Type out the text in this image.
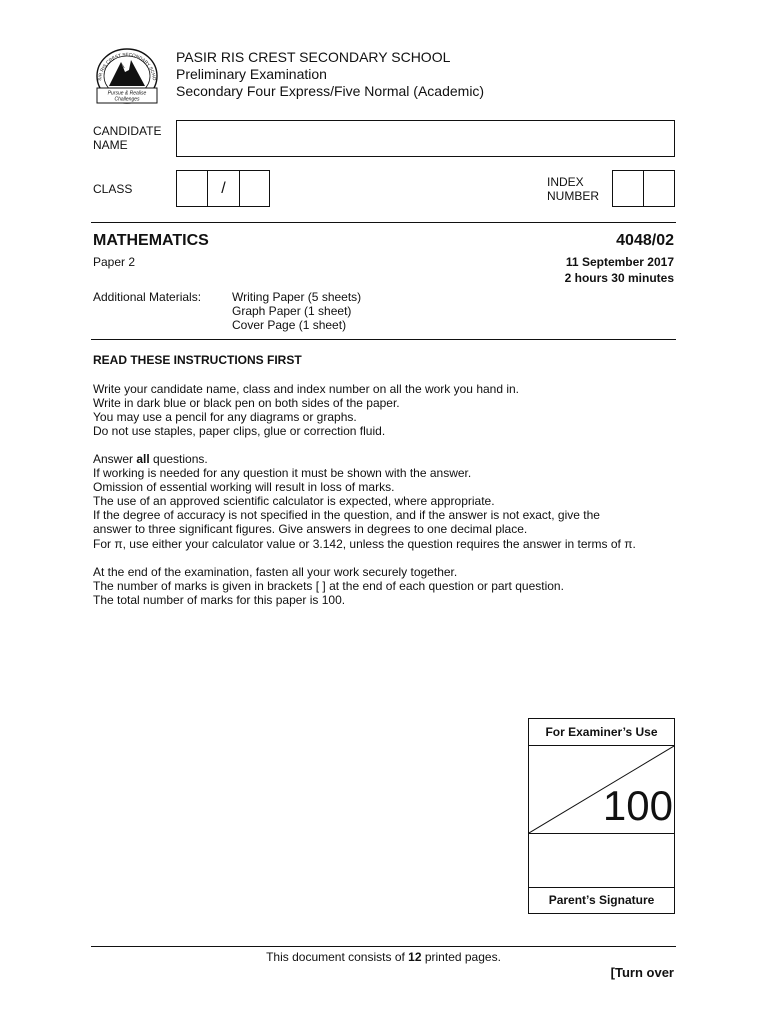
SIR RIS CREST SECONDARY SCHO
Pursue & Realise
Challenges
PASIR RIS CREST SECONDARY SCHOOL
Preliminary Examination
Secondary Four Express/Five Normal (Academic)
CANDIDATE
NAME
CLASS	/	INDEX
NUMBER
MATHEMATICS	4048/02
Paper 2	11 September 2017
2 hours 30 minutes
Additional Materials:	Writing Paper (5 sheets)
Graph Paper (1 sheet)
Cover Page (1 sheet)
READ THESE INSTRUCTIONS FIRST
Write your candidate name, class and index number on all the work you hand in.
Write in dark blue or black pen on both sides of the paper.
You may use a pencil for any diagrams or graphs.
Do not use staples, paper clips, glue or correction fluid.
Answer all questions.
If working is needed for any question it must be shown with the answer.
Omission of essential working will result in loss of marks.
The use of an approved scientific calculator is expected, where appropriate.
If the degree of accuracy is not specified in the question, and if the answer is not exact, give the
answer to three significant figures. Give answers in degrees to one decimal place.
For π, use either your calculator value or 3.142, unless the question requires the answer in terms of π.
At the end of the examination, fasten all your work securely together.
The number of marks is given in brackets [ ] at the end of each question or part question.
The total number of marks for this paper is 100.
For Examiner’s Use
100
Parent’s Signature
This document consists of 12 printed pages.
[Turn over
